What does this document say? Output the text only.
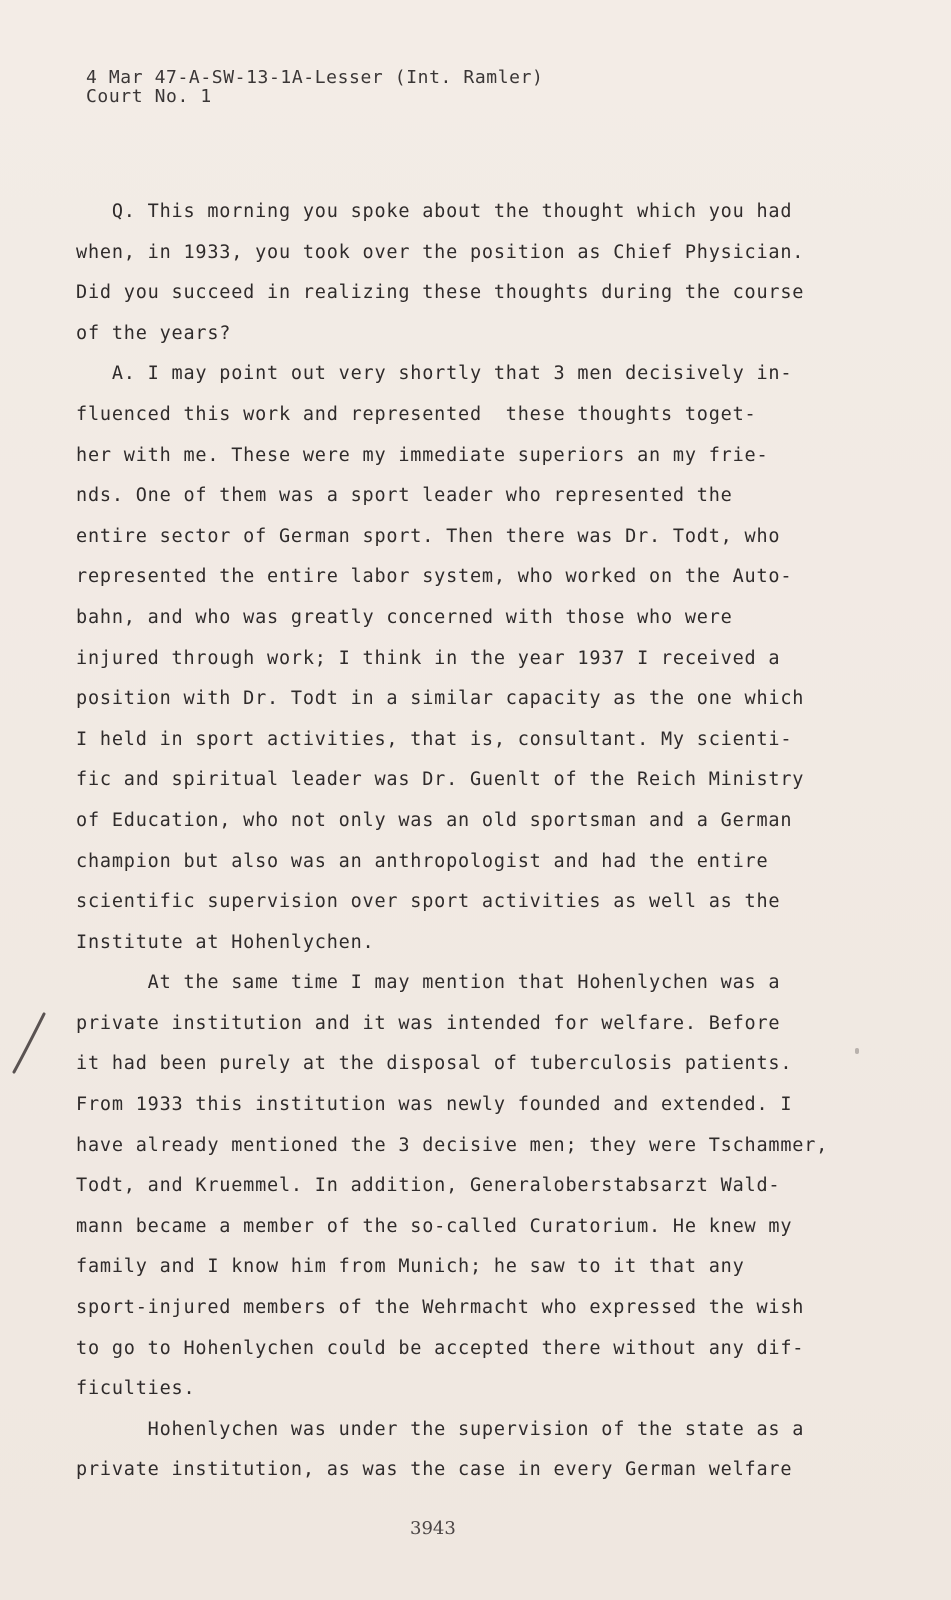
4 Mar 47-A-SW-13-1A-Lesser (Int. Ramler)
Court No. 1
Q. This morning you spoke about the thought which you had
when, in 1933, you took over the position as Chief Physician.
Did you succeed in realizing these thoughts during the course
of the years?
A. I may point out very shortly that 3 men decisively in-
fluenced this work and represented  these thoughts toget-
her with me. These were my immediate superiors an my frie-
nds. One of them was a sport leader who represented the
entire sector of German sport. Then there was Dr. Todt, who
represented the entire labor system, who worked on the Auto-
bahn, and who was greatly concerned with those who were
injured through work; I think in the year 1937 I received a
position with Dr. Todt in a similar capacity as the one which
I held in sport activities, that is, consultant. My scienti-
fic and spiritual leader was Dr. Guenlt of the Reich Ministry
of Education, who not only was an old sportsman and a German
champion but also was an anthropologist and had the entire
scientific supervision over sport activities as well as the
Institute at Hohenlychen.
At the same time I may mention that Hohenlychen was a
private institution and it was intended for welfare. Before
it had been purely at the disposal of tuberculosis patients.
From 1933 this institution was newly founded and extended. I
have already mentioned the 3 decisive men; they were Tschammer,
Todt, and Kruemmel. In addition, Generaloberstabsarzt Wald-
mann became a member of the so-called Curatorium. He knew my
family and I know him from Munich; he saw to it that any
sport-injured members of the Wehrmacht who expressed the wish
to go to Hohenlychen could be accepted there without any dif-
ficulties.
Hohenlychen was under the supervision of the state as a
private institution, as was the case in every German welfare
3943
